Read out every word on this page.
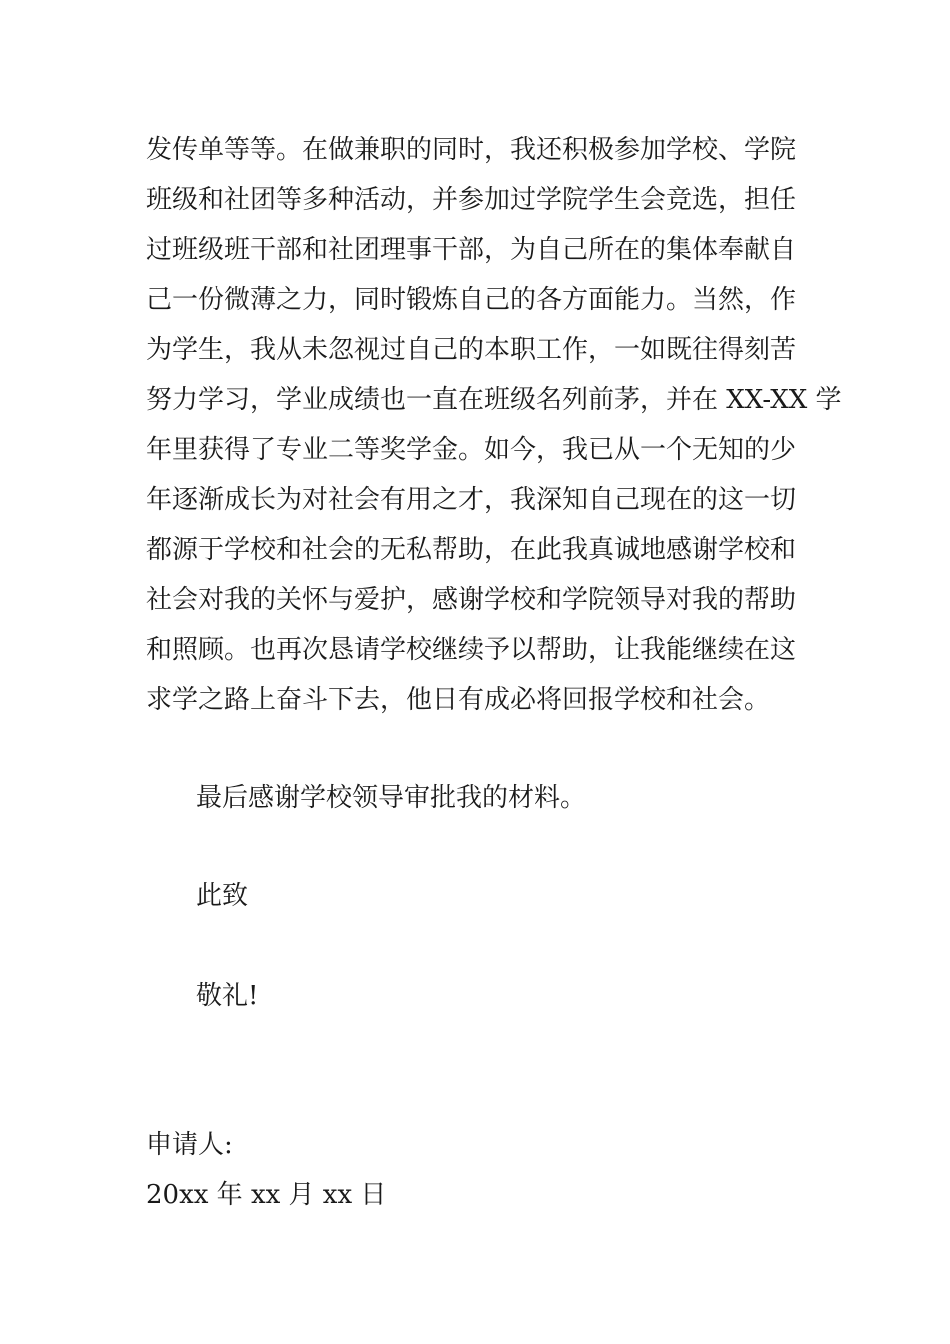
发传单等等。在做兼职的同时，我还积极参加学校、学院
班级和社团等多种活动，并参加过学院学生会竞选，担任
过班级班干部和社团理事干部，为自己所在的集体奉献自
己一份微薄之力，同时锻炼自己的各方面能力。当然，作
为学生，我从未忽视过自己的本职工作，一如既往得刻苦
努力学习，学业成绩也一直在班级名列前茅，并在 XX-XX 学
年里获得了专业二等奖学金。如今，我已从一个无知的少
年逐渐成长为对社会有用之才，我深知自己现在的这一切
都源于学校和社会的无私帮助，在此我真诚地感谢学校和
社会对我的关怀与爱护，感谢学校和学院领导对我的帮助
和照顾。也再次恳请学校继续予以帮助，让我能继续在这
求学之路上奋斗下去，他日有成必将回报学校和社会。
最后感谢学校领导审批我的材料。
此致
敬礼!
申请人:
20xx 年 xx 月 xx 日
